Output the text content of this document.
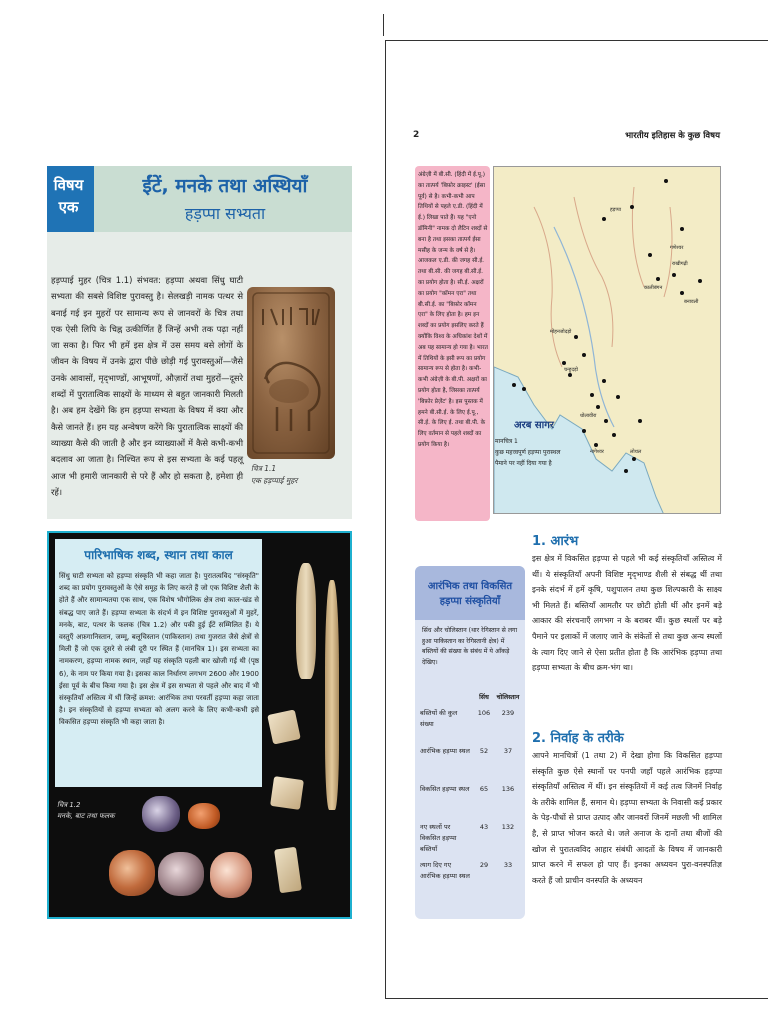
विषय
एक
ईंटें, मनके तथा अस्थियाँ
हड़प्पा सभ्यता
हड़प्पाई मुहर (चित्र 1.1) संभवत: हड़प्पा अथवा सिंधु घाटी सभ्यता की सबसे विशिष्ट पुरावस्तु है। सेलखड़ी नामक पत्थर से बनाई गई इन मुहरों पर सामान्य रूप से जानवरों के चित्र तथा एक ऐसी लिपि के चिह्न उत्कीर्णित हैं जिन्हें अभी तक पढ़ा नहीं जा सका है। फिर भी हमें इस क्षेत्र में उस समय बसे लोगों के जीवन के विषय में उनके द्वारा पीछे छोड़ी गई पुरावस्तुओं—जैसे उनके आवासों, मृद्‌भाण्डों, आभूषणों, औज़ारों तथा मुहरों—दूसरे शब्दों में पुरातात्विक साक्ष्यों के माध्यम से बहुत जानकारी मिलती है। अब हम देखेंगे कि हम हड़प्पा सभ्यता के विषय में क्या और कैसे जानते हैं। हम यह अन्वेषण करेंगे कि पुरातात्विक साक्ष्यों की व्याख्या कैसे की जाती है और इन व्याख्याओं में कैसे कभी-कभी बदलाव आ जाता है। निश्चित रूप से इस सभ्यता के कई पहलू आज भी हमारी जानकारी से परे हैं और हो सकता है, हमेशा ही रहें।
चित्र 1.1
एक हड़प्पाई मुहर
पारिभाषिक शब्द, स्थान तथा काल
सिंधु घाटी सभ्यता को हड़प्पा संस्कृति भी कहा जाता है। पुरातत्वविद "संस्कृति" शब्द का प्रयोग पुरावस्तुओं के ऐसे समूह के लिए करते हैं जो एक विशिष्ट शैली के होते हैं और सामान्यतया एक साथ, एक विशेष भौगोलिक क्षेत्र तथा काल-खंड से संबद्ध पाए जाते हैं। हड़प्पा सभ्यता के संदर्भ में इन विशिष्ट पुरावस्तुओं में मुहरें, मनके, बाट, पत्थर के फलक (चित्र 1.2) और पकी हुई ईंटें सम्मिलित हैं। ये वस्तुएँ अफ़गानिस्तान, जम्मू, बलूचिस्तान (पाकिस्तान) तथा गुजरात जैसे क्षेत्रों से मिली हैं जो एक दूसरे से लंबी दूरी पर स्थित हैं (मानचित्र 1)। इस सभ्यता का नामकरण, हड़प्पा नामक स्थान, जहाँ यह संस्कृति पहली बार खोजी गई थी (पृष्ठ 6), के नाम पर किया गया है। इसका काल निर्धारण लगभग 2600 और 1900 ईसा पूर्व के बीच किया गया है। इस क्षेत्र में इस सभ्यता से पहले और बाद में भी संस्कृतियाँ अस्तित्व में थीं जिन्हें क्रमश: आरंभिक तथा परवर्ती हड़प्पा कहा जाता है। इन संस्कृतियों से हड़प्पा सभ्यता को अलग करने के लिए कभी-कभी इसे विकसित हड़प्पा संस्कृति भी कहा जाता है।
चित्र 1.2
मनके, बाट तथा फलक
2	भारतीय इतिहास के कुछ विषय
अंग्रेज़ी में बी.सी. (हिंदी में ई.पू.) का तात्पर्य 'बिफ़ोर क्राइस्ट' (ईसा पूर्व) से है। कभी-कभी आप तिथियों से पहले ए.डी. (हिंदी में ई.) लिखा पाते हैं। यह "एनो डॉमिनी" नामक दो लैटिन शब्दों से बना है तथा इसका तात्पर्य ईसा मसीह के जन्म के वर्ष से है। आजकल ए.डी. की जगह सी.ई. तथा बी.सी. की जगह बी.सी.ई. का प्रयोग होता है। सी.ई. अक्षरों का प्रयोग "कॉमन एरा" तथा बी.सी.ई. का "बिफ़ोर कॉमन एरा" के लिए होता है। हम इन शब्दों का प्रयोग इसलिए करते हैं क्योंकि विश्व के अधिकांश देशों में अब यह सामान्य हो गया है। भारत में तिथियों के इसी रूप का प्रयोग सामान्य रूप से होता है। कभी-कभी अंग्रेज़ी के बी.पी. अक्षरों का प्रयोग होता है, जिसका तात्पर्य 'बिफ़ोर प्रेज़ेंट' है। इस पुस्तक में हमने बी.सी.ई. के लिए ई.पू., सी.ई. के लिए ई. तथा बी.पी. के लिए वर्तमान से पहले शब्दों का प्रयोग किया है।
हड़प्पा
गणेश्वर
राखीगढ़ी
कालीबंगन
बनावली
मोहनजोदड़ो
चन्हुदड़ो
धोलावीरा
नागेश्वर	लोथल
अरब सागर
मानचित्र 1
कुछ महत्त्वपूर्ण हड़प्पा पुरास्थल
पैमाने पर नहीं दिया गया है
1. आरंभ
इस क्षेत्र में विकसित हड़प्पा से पहले भी कई संस्कृतियाँ अस्तित्व में थीं। ये संस्कृतियाँ अपनी विशिष्ट मृद्‌भाण्ड शैली से संबद्ध थीं तथा इनके संदर्भ में हमें कृषि, पशुपालन तथा कुछ शिल्पकारी के साक्ष्य भी मिलते हैं। बस्तियाँ आमतौर पर छोटी होती थीं और इनमें बड़े आकार की संरचनाएँ लगभग न के बराबर थीं। कुछ स्थलों पर बड़े पैमाने पर इलाकों में जलाए जाने के संकेतों से तथा कुछ अन्य स्थलों के त्याग दिए जाने से ऐसा प्रतीत होता है कि आरंभिक हड़प्पा तथा हड़प्पा सभ्यता के बीच क्रम-भंग था।
2. निर्वाह के तरीके
आपने मानचित्रों (1 तथा 2) में देखा होगा कि विकसित हड़प्पा संस्कृति कुछ ऐसे स्थानों पर पनपी जहाँ पहले आरंभिक हड़प्पा संस्कृतियाँ अस्तित्व में थीं। इन संस्कृतियों में कई तत्व जिनमें निर्वाह के तरीके शामिल हैं, समान थे। हड़प्पा सभ्यता के निवासी कई प्रकार के पेड़-पौधों से प्राप्त उत्पाद और जानवरों जिनमें मछली भी शामिल है, से प्राप्त भोजन करते थे। जले अनाज के दानों तथा बीजों की खोज से पुरातत्वविद आहार संबंधी आदतों के विषय में जानकारी प्राप्त करने में सफल हो पाए हैं। इनका अध्ययन पुरा-वनस्पतिज्ञ करते हैं जो प्राचीन वनस्पति के अध्ययन
आरंभिक तथा विकसित हड़प्पा संस्कृतियाँ
सिंध और चोलिस्तान (थार रेगिस्तान से लगा हुआ पाकिस्तान का रेगिस्तानी क्षेत्र) में बस्तियों की संख्या के संबंध में ये आँकड़े देखिए।
	सिंध	चोलिस्तान
बस्तियों की कुल संख्या	106	239
आरंभिक हड़प्पा स्थल	52	37
विकसित हड़प्पा स्थल	65	136
नए स्थलों पर विकसित हड़प्पा बस्तियाँ	43	132
त्याग दिए गए आरंभिक हड़प्पा स्थल	29	33
